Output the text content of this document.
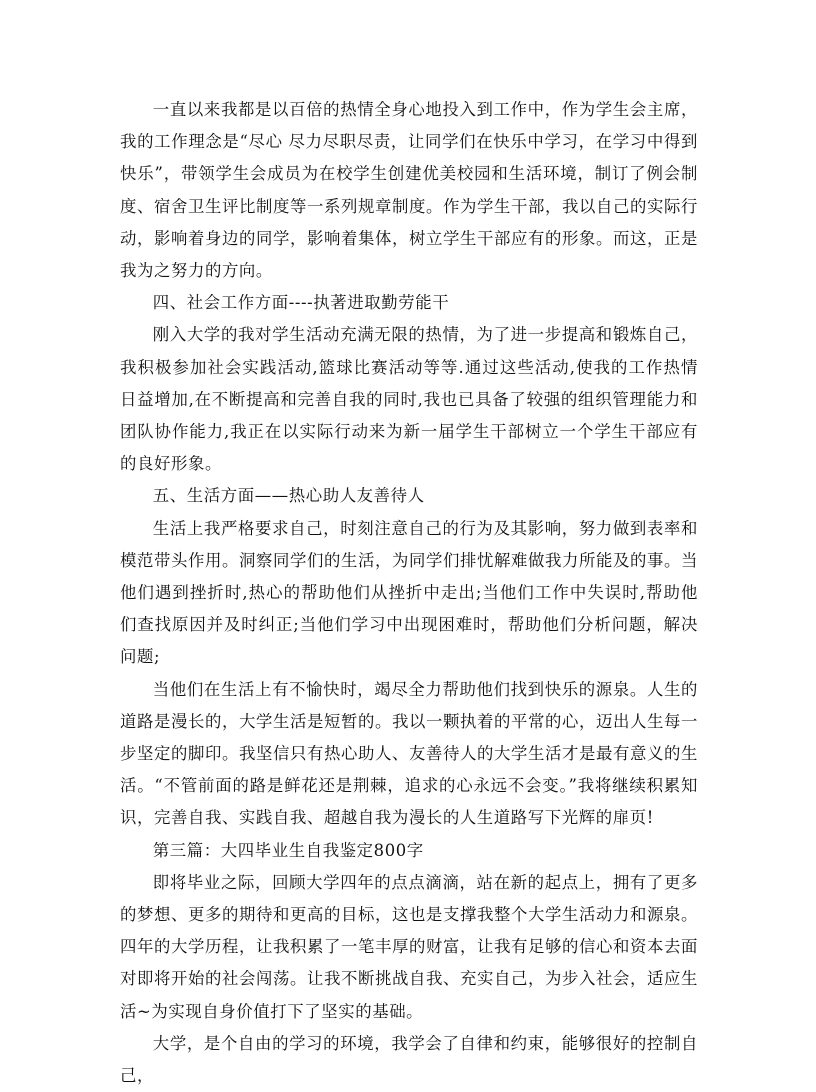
一直以来我都是以百倍的热情全身心地投入到工作中，作为学生会主席，我的工作理念是“尽心 尽力尽职尽责，让同学们在快乐中学习，在学习中得到快乐”，带领学生会成员为在校学生创建优美校园和生活环境，制订了例会制度、宿舍卫生评比制度等一系列规章制度。作为学生干部，我以自己的实际行动，影响着身边的同学，影响着集体，树立学生干部应有的形象。而这，正是我为之努力的方向。

四、社会工作方面----执著进取勤劳能干

刚入大学的我对学生活动充满无限的热情，为了进一步提高和锻炼自己，我积极参加社会实践活动,篮球比赛活动等等.通过这些活动,使我的工作热情日益增加,在不断提高和完善自我的同时,我也已具备了较强的组织管理能力和团队协作能力,我正在以实际行动来为新一届学生干部树立一个学生干部应有的良好形象。

五、生活方面——热心助人友善待人

生活上我严格要求自己，时刻注意自己的行为及其影响，努力做到表率和模范带头作用。洞察同学们的生活，为同学们排忧解难做我力所能及的事。当他们遇到挫折时,热心的帮助他们从挫折中走出;当他们工作中失误时,帮助他们查找原因并及时纠正;当他们学习中出现困难时，帮助他们分析问题，解决问题;

当他们在生活上有不愉快时，竭尽全力帮助他们找到快乐的源泉。人生的道路是漫长的，大学生活是短暂的。我以一颗执着的平常的心，迈出人生每一步坚定的脚印。我坚信只有热心助人、友善待人的大学生活才是最有意义的生活。“不管前面的路是鲜花还是荆棘，追求的心永远不会变。”我将继续积累知识，完善自我、实践自我、超越自我为漫长的人生道路写下光辉的扉页!

第三篇：大四毕业生自我鉴定800字

即将毕业之际，回顾大学四年的点点滴滴，站在新的起点上，拥有了更多的梦想、更多的期待和更高的目标，这也是支撑我整个大学生活动力和源泉。四年的大学历程，让我积累了一笔丰厚的财富，让我有足够的信心和资本去面对即将开始的社会闯荡。让我不断挑战自我、充实自己，为步入社会，适应生活~为实现自身价值打下了坚实的基础。

大学，是个自由的学习的环境，我学会了自律和约束，能够很好的控制自己，
